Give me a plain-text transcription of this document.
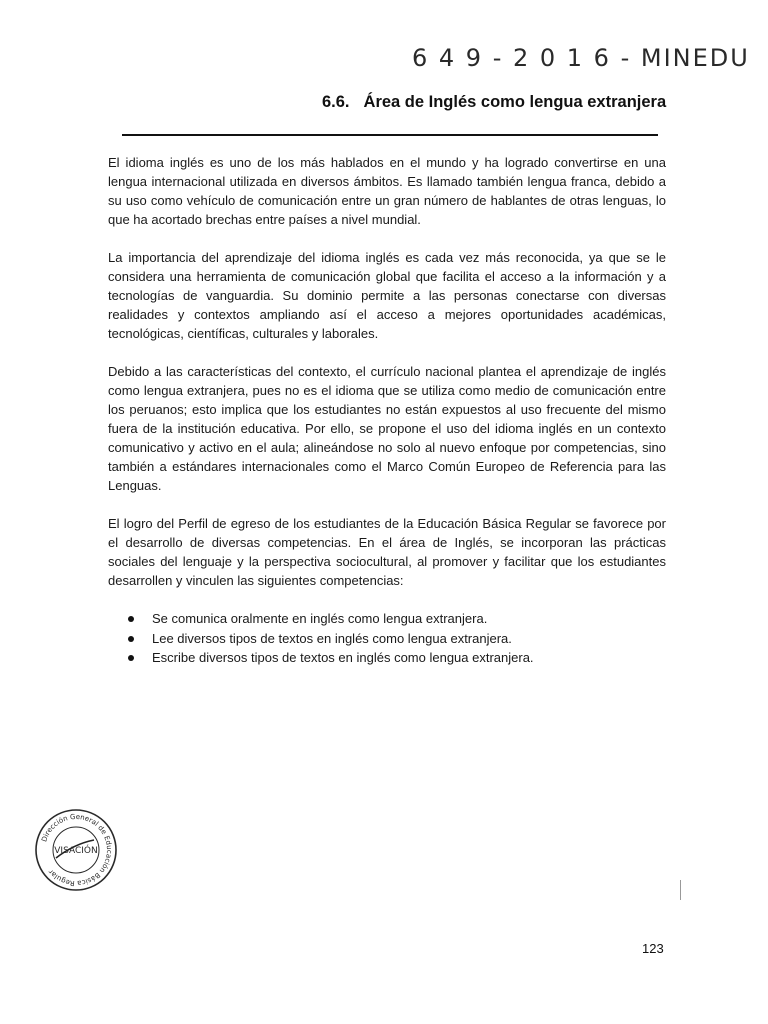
6 4 9 - 2 0 1 6 - MINEDU
6.6. Área de Inglés como lengua extranjera

El idioma inglés es uno de los más hablados en el mundo y ha logrado convertirse en una lengua internacional utilizada en diversos ámbitos. Es llamado también lengua franca, debido a su uso como vehículo de comunicación entre un gran número de hablantes de otras lenguas, lo que ha acortado brechas entre países a nivel mundial.

La importancia del aprendizaje del idioma inglés es cada vez más reconocida, ya que se le considera una herramienta de comunicación global que facilita el acceso a la información y a tecnologías de vanguardia. Su dominio permite a las personas conectarse con diversas realidades y contextos ampliando así el acceso a mejores oportunidades académicas, tecnológicas, científicas, culturales y laborales.

Debido a las características del contexto, el currículo nacional plantea el aprendizaje de inglés como lengua extranjera, pues no es el idioma que se utiliza como medio de comunicación entre los peruanos; esto implica que los estudiantes no están expuestos al uso frecuente del mismo fuera de la institución educativa. Por ello, se propone el uso del idioma inglés en un contexto comunicativo y activo en el aula; alineándose no solo al nuevo enfoque por competencias, sino también a estándares internacionales como el Marco Común Europeo de Referencia para las Lenguas.

El logro del Perfil de egreso de los estudiantes de la Educación Básica Regular se favorece por el desarrollo de diversas competencias. En el área de Inglés, se incorporan las prácticas sociales del lenguaje y la perspectiva sociocultural, al promover y facilitar que los estudiantes desarrollen y vinculen las siguientes competencias:

Se comunica oralmente en inglés como lengua extranjera.
Lee diversos tipos de textos en inglés como lengua extranjera.
Escribe diversos tipos de textos en inglés como lengua extranjera.
Dirección General de Educación Básica Regular
VISACIÓN
123
